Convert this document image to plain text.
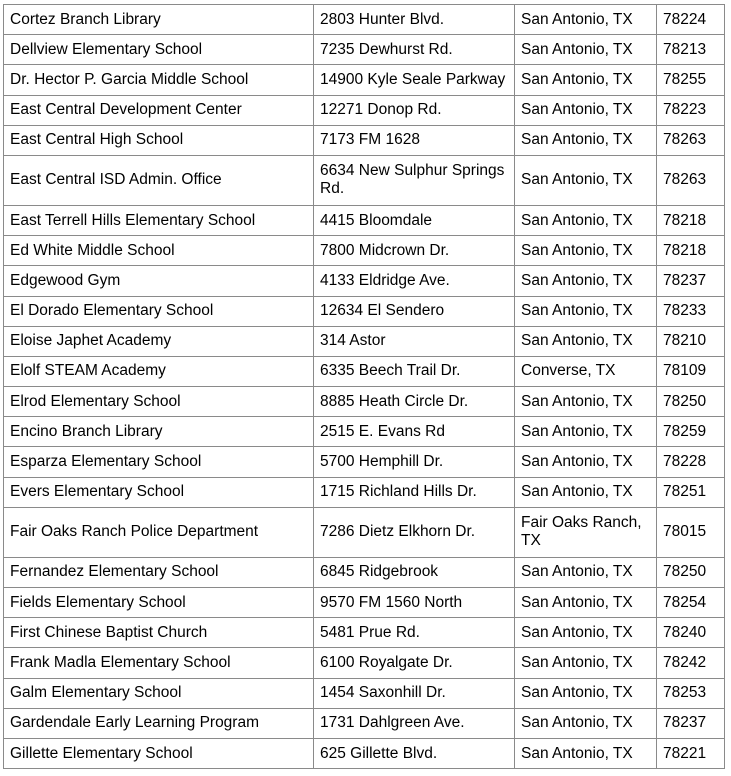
Cortez Branch Library	2803 Hunter Blvd.	San Antonio, TX	78224
Dellview Elementary School	7235 Dewhurst Rd.	San Antonio, TX	78213
Dr. Hector P. Garcia Middle School	14900 Kyle Seale Parkway	San Antonio, TX	78255
East Central Development Center	12271 Donop Rd.	San Antonio, TX	78223
East Central High School	7173 FM 1628	San Antonio, TX	78263
East Central ISD Admin. Office	6634 New Sulphur Springs Rd.	San Antonio, TX	78263
East Terrell Hills Elementary School	4415 Bloomdale	San Antonio, TX	78218
Ed White Middle School	7800 Midcrown Dr.	San Antonio, TX	78218
Edgewood Gym	4133 Eldridge Ave.	San Antonio, TX	78237
El Dorado Elementary School	12634 El Sendero	San Antonio, TX	78233
Eloise Japhet Academy	314 Astor	San Antonio, TX	78210
Elolf STEAM Academy	6335 Beech Trail Dr.	Converse, TX	78109
Elrod Elementary School	8885 Heath Circle Dr.	San Antonio, TX	78250
Encino Branch Library	2515 E. Evans Rd	San Antonio, TX	78259
Esparza Elementary School	5700 Hemphill Dr.	San Antonio, TX	78228
Evers Elementary School	1715 Richland Hills Dr.	San Antonio, TX	78251
Fair Oaks Ranch Police Department	7286 Dietz Elkhorn Dr.	Fair Oaks Ranch, TX	78015
Fernandez Elementary School	6845 Ridgebrook	San Antonio, TX	78250
Fields Elementary School	9570 FM 1560 North	San Antonio, TX	78254
First Chinese Baptist Church	5481 Prue Rd.	San Antonio, TX	78240
Frank Madla Elementary School	6100 Royalgate Dr.	San Antonio, TX	78242
Galm Elementary School	1454 Saxonhill Dr.	San Antonio, TX	78253
Gardendale Early Learning Program	1731 Dahlgreen Ave.	San Antonio, TX	78237
Gillette Elementary School	625 Gillette Blvd.	San Antonio, TX	78221
